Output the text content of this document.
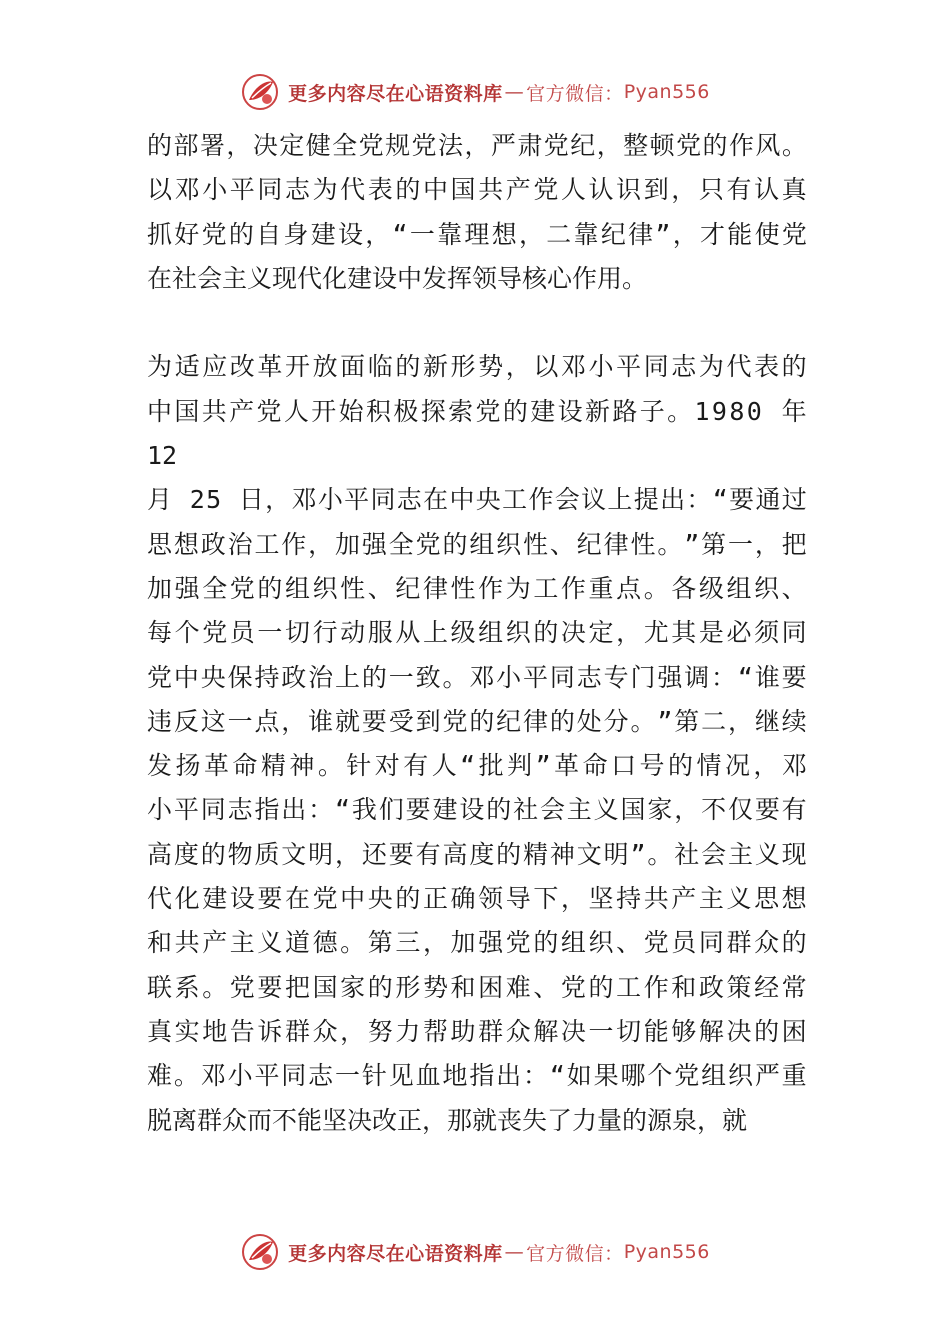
更多内容尽在心语资料库 — 官方微信： Pyan556
的 部 署 ， 决 定 健 全 党 规 党 法 ， 严 肃 党 纪 ， 整 顿 党 的 作 风 。
以 邓 小 平 同 志 为 代 表 的 中 国 共 产 党 人 认 识 到 ， 只 有 认 真
抓 好 党 的 自 身 建 设 ， “ 一 靠 理 想 ， 二 靠 纪 律 ” ， 才 能 使 党
在社会主义现代化建设中发挥领导核心作用。
为 适 应 改 革 开 放 面 临 的 新 形 势 ， 以 邓 小 平 同 志 为 代 表 的
中 国 共 产 党 人 开 始 积 极 探 索 党 的 建 设 新 路 子 。 1 9 8 0
年
12
月
2 5
日 ， 邓 小 平 同 志 在 中 央 工 作 会 议 上 提 出 ： “ 要 通 过
思 想 政 治 工 作 ， 加 强 全 党 的 组 织 性 、 纪 律 性 。 ” 第 一 ， 把
加 强 全 党 的 组 织 性 、 纪 律 性 作 为 工 作 重 点 。 各 级 组 织 、
每 个 党 员 一 切 行 动 服 从 上 级 组 织 的 决 定 ， 尤 其 是 必 须 同
党 中 央 保 持 政 治 上 的 一 致 。 邓 小 平 同 志 专 门 强 调 ： “ 谁 要
违 反 这 一 点 ， 谁 就 要 受 到 党 的 纪 律 的 处 分 。 ” 第 二 ， 继 续
发 扬 革 命 精 神 。 针 对 有 人 “ 批 判 ” 革 命 口 号 的 情 况 ， 邓
小 平 同 志 指 出 ： “ 我 们 要 建 设 的 社 会 主 义 国 家 ， 不 仅 要 有
高 度 的 物 质 文 明 ， 还 要 有 高 度 的 精 神 文 明 ” 。 社 会 主 义 现
代 化 建 设 要 在 党 中 央 的 正 确 领 导 下 ， 坚 持 共 产 主 义 思 想
和 共 产 主 义 道 德 。 第 三 ， 加 强 党 的 组 织 、 党 员 同 群 众 的
联 系 。 党 要 把 国 家 的 形 势 和 困 难 、 党 的 工 作 和 政 策 经 常
真 实 地 告 诉 群 众 ， 努 力 帮 助 群 众 解 决 一 切 能 够 解 决 的 困
难 。 邓 小 平 同 志 一 针 见 血 地 指 出 ： “ 如 果 哪 个 党 组 织 严 重
脱离群众而不能坚决改正，那就丧失了力量的源泉，就
更多内容尽在心语资料库 — 官方微信： Pyan556
